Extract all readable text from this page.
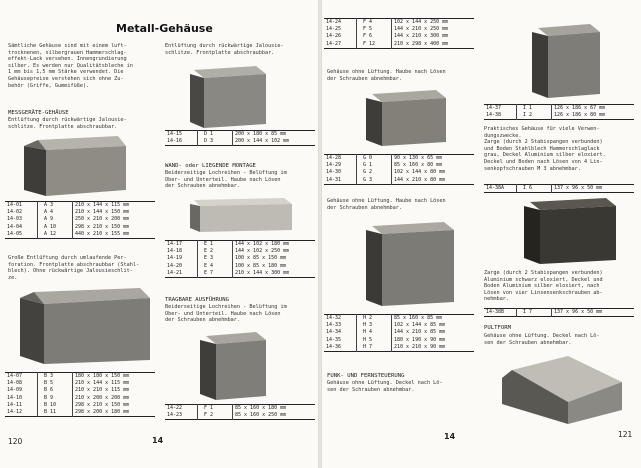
Metall-Gehäuse
Sämtliche Gehäuse sind mit einem luft-
trocknenen, silbergrauen Hammerschlag-
effekt-Lack versehen. Innengrundierung
silber. Es werden nur Qualitätsbleche in
1 mm bis 1,5 mm Stärke verwendet. Die
Gehäusepreise verstehen sich ohne Zu-
behör (Griffe, Gummifüße).
MESSGERÄTE-GEHÄUSE
Entlüftung durch rückwärtige Jalousie-
schlitze. Frontplatte abschraubbar.
14-01	A 3	210 x 144 x 115 mm
14-02	A 4	210 x 144 x 150 mm
14-03	A 9	250 x 210 x 200 mm
14-04	A 10	298 x 210 x 150 mm
14-05	A 12	440 x 210 x 155 mm
Große Entlüftung durch umlaufende Per-
foration. Frontplatte abschraubbar (Stahl-
blech). Ohne rückwärtige Jalousieschlit-
ze.
14-07	B 3	180 x 180 x 150 mm
14-08	B 5	210 x 144 x 115 mm
14-09	B 6	210 x 210 x 115 mm
14-10	B 9	210 x 200 x 200 mm
14-11	B 10	298 x 210 x 150 mm
14-12	B 11	298 x 200 x 180 mm
Entlüftung durch rückwärtige Jalousie-
schlitze. Frontplatte abschraubbar.
14-15	D 1	200 x 180 x 85 mm
14-16	D 3	200 x 144 x 102 mm
WAND- oder LIEGENDE MONTAGE
Beiderseitige Lochreihen - Belüftung im
Ober- und Unterteil. Haube nach Lösen
der Schrauben abnehmbar.
14-17	E 1	144 x 102 x 180 mm
14-18	E 2	144 x 102 x 250 mm
14-19	E 3	100 x 85 x 150 mm
14-20	E 4	100 x 85 x 180 mm
14-21	E 7	210 x 144 x 300 mm
TRAGBARE AUSFÜHRUNG
Beiderseitige Lochreihen - Belüftung im
Ober- und Unterteil. Haube nach Lösen
der Schrauben abnehmbar.
14-22	F 1	85 x 160 x 180 mm
14-23	F 2	85 x 160 x 250 mm
120	14
14-24	F 4	102 x 144 x 250 mm
14-25	F 5	144 x 210 x 250 mm
14-26	F 6	144 x 210 x 300 mm
14-27	F 12	210 x 298 x 400 mm
Gehäuse ohne Lüftung. Haube nach Lösen
der Schrauben abnehmbar.
14-28	G 0	90 x 130 x 65 mm
14-29	G 1	85 x 160 x 80 mm
14-30	G 2	102 x 144 x 80 mm
14-31	G 3	144 x 210 x 80 mm
Gehäuse ohne Lüftung. Haube nach Lösen
der Schrauben abnehmbar.
14-32	H 2	85 x 160 x 85 mm
14-33	H 3	102 x 144 x 85 mm
14-34	H 4	144 x 210 x 85 mm
14-35	H 5	180 x 190 x 90 mm
14-36	H 7	210 x 210 x 90 mm
FUNK- UND FERNSTEUERUNG
Gehäuse ohne Lüftung. Deckel nach Lö-
sen der Schrauben abnehmbar.
14-37	I 1	126 x 186 x 67 mm
14-38	I 2	126 x 186 x 80 mm
Praktisches Gehäuse für viele Verwen-
dungszwecke.
Zarge (durch 2 Stabispangen verbunden)
und Boden Stahlblech Hammerschlaglack
grau, Deckel Aluminium silber eloxiert.
Deckel und Boden nach Lösen von 4 Lin-
senkopfschrauben M 3 abnehmbar.
14-38A	I 6	137 x 96 x 50 mm
Zarge (durch 2 Stabispangen verbunden)
Aluminium schwarz eloxiert, Deckel und
Boden Aluminium silber eloxiert, nach
Lösen von vier Linsensenkschrauben ab-
nehmbar.
14-38B	I 7	137 x 96 x 50 mm
PULTFORM
Gehäuse ohne Lüftung. Deckel nach Lö-
sen der Schrauben abnehmbar.
14	121
